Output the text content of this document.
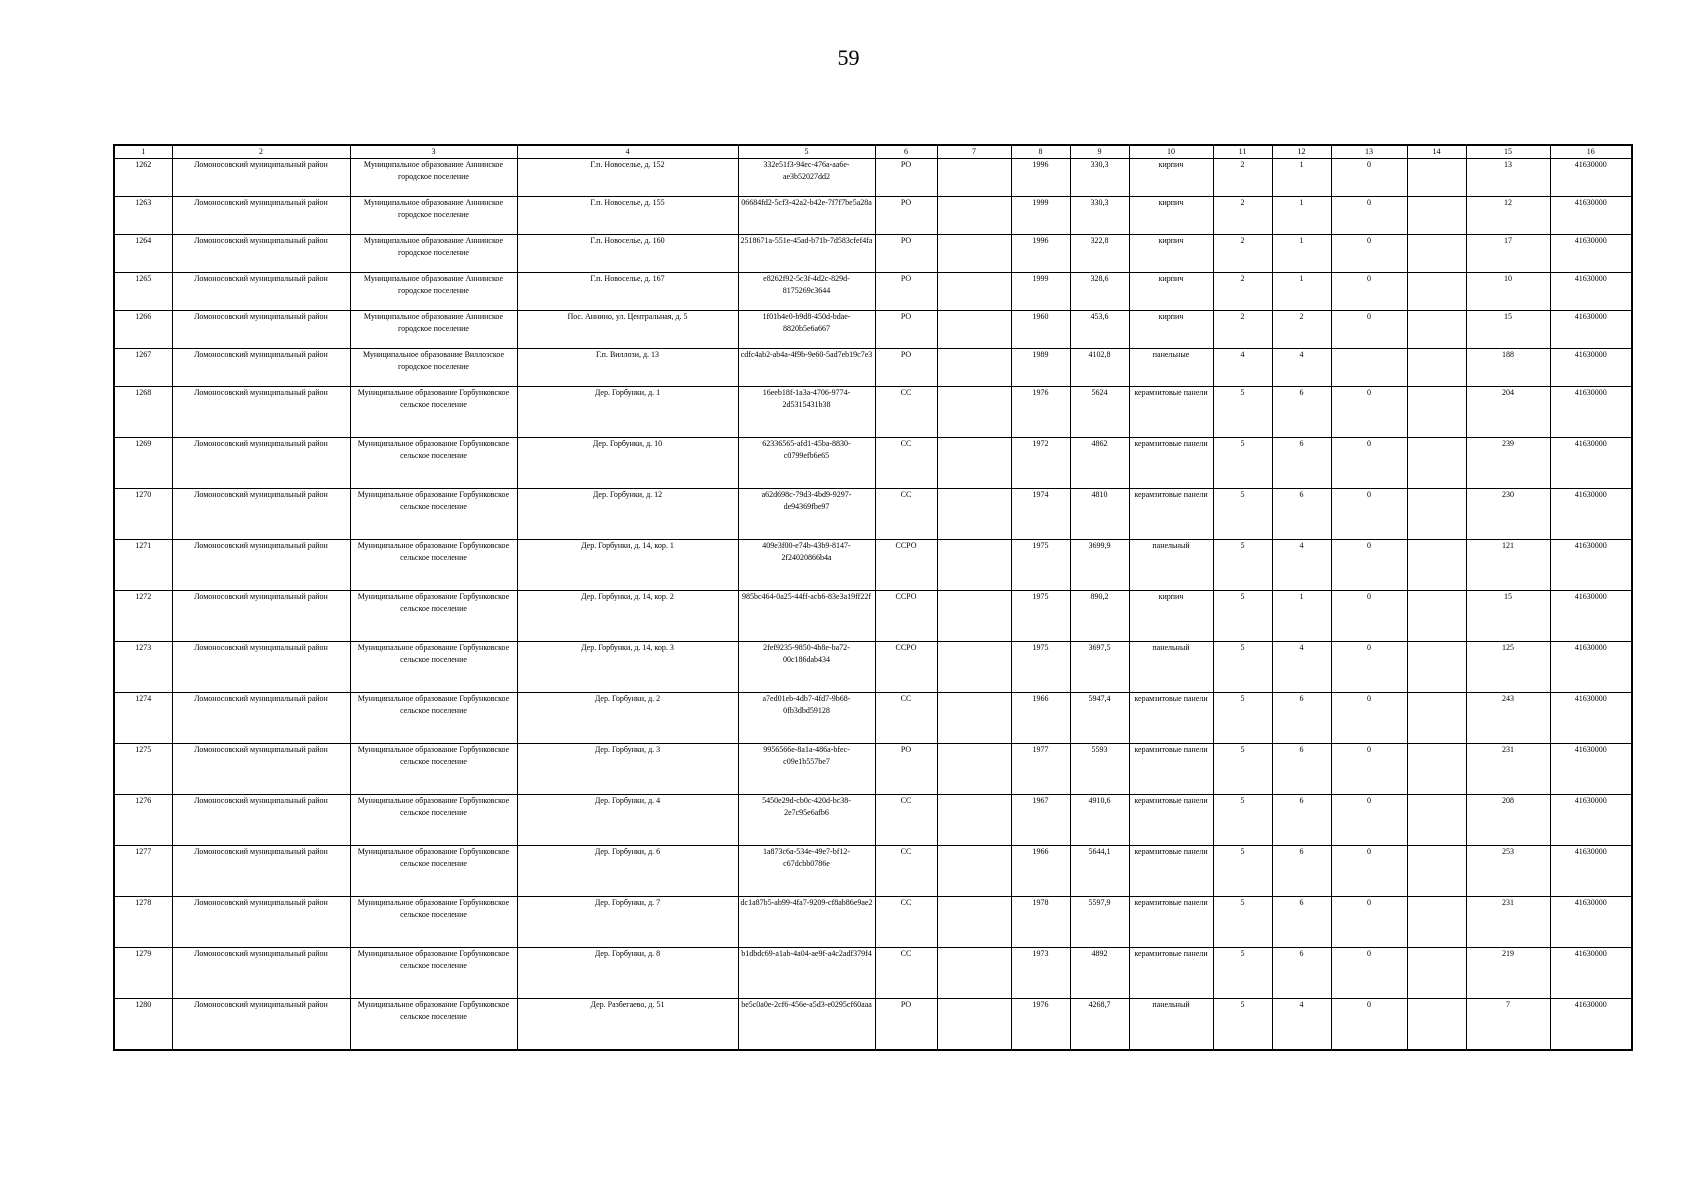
59
1	2	3	4	5	6	7	8	9	10	11	12	13	14	15	16
1262	Ломоносовский муниципальный район	Муниципальное образование Аннинское городское поселение	Г.п. Новоселье, д. 152	332e51f3-94ec-476a-aa6e-ae3b52027dd2	РО		1996	330,3	кирпич	2	1	0		13	41630000
1263	Ломоносовский муниципальный район	Муниципальное образование Аннинское городское поселение	Г.п. Новоселье, д. 155	06684fd2-5cf3-42a2-b42e-7f7f7be5a28a	РО		1999	330,3	кирпич	2	1	0		12	41630000
1264	Ломоносовский муниципальный район	Муниципальное образование Аннинское городское поселение	Г.п. Новоселье, д. 160	2518671a-551e-45ad-b71b-7d583cfef4fa	РО		1996	322,8	кирпич	2	1	0		17	41630000
1265	Ломоносовский муниципальный район	Муниципальное образование Аннинское городское поселение	Г.п. Новоселье, д. 167	e8262f92-5c3f-4d2c-829d-8175269c3644	РО		1999	328,6	кирпич	2	1	0		10	41630000
1266	Ломоносовский муниципальный район	Муниципальное образование Аннинское городское поселение	Пос. Аннино, ул. Центральная, д. 5	1f01b4e0-b9d8-450d-bdae-8820b5e6a667	РО		1960	453,6	кирпич	2	2	0		15	41630000
1267	Ломоносовский муниципальный район	Муниципальное образование Виллозское городское поселение	Г.п. Виллози, д. 13	cdfc4ab2-ab4a-4f9b-9e60-5ad7eb19c7e3	РО		1989	4102,8	панельные	4	4			188	41630000
1268	Ломоносовский муниципальный район	Муниципальное образование Горбунковское сельское поселение	Дер. Горбунки, д. 1	16eeb18f-1a3a-4706-9774-2d5315431b38	СС		1976	5624	керамзитовые панели	5	6	0		204	41630000
1269	Ломоносовский муниципальный район	Муниципальное образование Горбунковское сельское поселение	Дер. Горбунки, д. 10	62336565-afd1-45ba-8830-c0799efb6e65	СС		1972	4862	керамзитовые панели	5	6	0		239	41630000
1270	Ломоносовский муниципальный район	Муниципальное образование Горбунковское сельское поселение	Дер. Горбунки, д. 12	a62d698c-79d3-4bd9-9297-de94369fbe97	СС		1974	4810	керамзитовые панели	5	6	0		230	41630000
1271	Ломоносовский муниципальный район	Муниципальное образование Горбунковское сельское поселение	Дер. Горбунки, д. 14, кор. 1	409e3f00-e74b-43b9-8147-2f24020866b4a	ССРО		1975	3699,9	панельный	5	4	0		121	41630000
1272	Ломоносовский муниципальный район	Муниципальное образование Горбунковское сельское поселение	Дер. Горбунки, д. 14, кор. 2	985bc464-0a25-44ff-acb6-83e3a19ff22f	ССРО		1975	890,2	кирпич	5	1	0		15	41630000
1273	Ломоносовский муниципальный район	Муниципальное образование Горбунковское сельское поселение	Дер. Горбунки, д. 14, кор. 3	2fef9235-9850-4b8e-ba72-00c186dab434	ССРО		1975	3697,5	панельный	5	4	0		125	41630000
1274	Ломоносовский муниципальный район	Муниципальное образование Горбунковское сельское поселение	Дер. Горбунки, д. 2	a7ed01eb-4db7-4fd7-9b68-0fb3dbd59128	СС		1966	5947,4	керамзитовые панели	5	6	0		243	41630000
1275	Ломоносовский муниципальный район	Муниципальное образование Горбунковское сельское поселение	Дер. Горбунки, д. 3	9956566e-8a1a-486a-bfec-c09e1b557be7	РО		1977	5593	керамзитовые панели	5	6	0		231	41630000
1276	Ломоносовский муниципальный район	Муниципальное образование Горбунковское сельское поселение	Дер. Горбунки, д. 4	5450e29d-cb0c-420d-bc38-2e7c95e6afb6	СС		1967	4910,6	керамзитовые панели	5	6	0		208	41630000
1277	Ломоносовский муниципальный район	Муниципальное образование Горбунковское сельское поселение	Дер. Горбунки, д. 6	1a873c6a-534e-49e7-bf12-c67dcbb0786e	СС		1966	5644,1	керамзитовые панели	5	6	0		253	41630000
1278	Ломоносовский муниципальный район	Муниципальное образование Горбунковское сельское поселение	Дер. Горбунки, д. 7	dc1a87b5-ab99-4fa7-9209-cf8ab86e9ae2	СС		1978	5597,9	керамзитовые панели	5	6	0		231	41630000
1279	Ломоносовский муниципальный район	Муниципальное образование Горбунковское сельское поселение	Дер. Горбунки, д. 8	b1dbdc69-a1ab-4a04-ae9f-a4c2adf379f4	СС		1973	4892	керамзитовые панели	5	6	0		219	41630000
1280	Ломоносовский муниципальный район	Муниципальное образование Горбунковское сельское поселение	Дер. Разбегаево, д. 51	be5c0a0e-2cf6-456e-a5d3-e0295cf60aaa	РО		1976	4268,7	панельный	5	4	0		7	41630000
